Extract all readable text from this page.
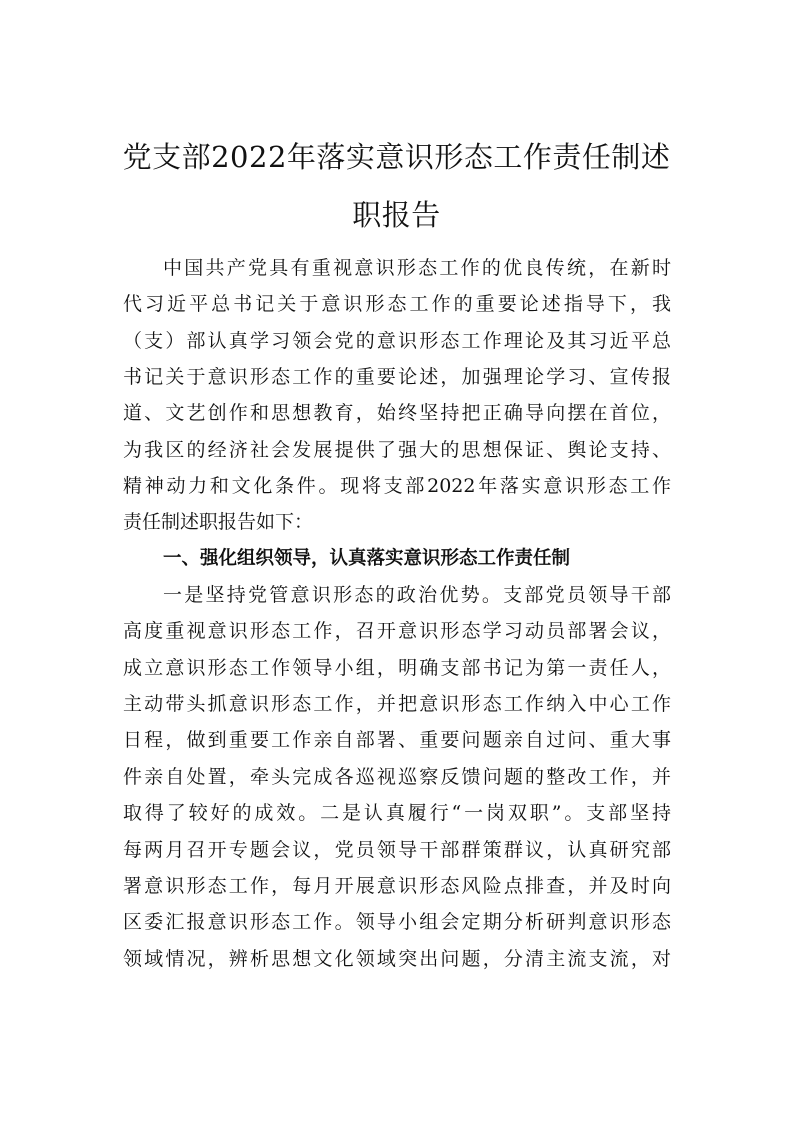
党支部2022年落实意识形态工作责任制述
职报告
中国共产党具有重视意识形态工作的优良传统，在新时
代习近平总书记关于意识形态工作的重要论述指导下，我
（支）部认真学习领会党的意识形态工作理论及其习近平总
书记关于意识形态工作的重要论述，加强理论学习、宣传报
道、文艺创作和思想教育，始终坚持把正确导向摆在首位，
为我区的经济社会发展提供了强大的思想保证、舆论支持、
精神动力和文化条件。现将支部2022年落实意识形态工作
责任制述职报告如下：
一、强化组织领导，认真落实意识形态工作责任制
一是坚持党管意识形态的政治优势。支部党员领导干部
高度重视意识形态工作，召开意识形态学习动员部署会议，
成立意识形态工作领导小组，明确支部书记为第一责任人，
主动带头抓意识形态工作，并把意识形态工作纳入中心工作
日程，做到重要工作亲自部署、重要问题亲自过问、重大事
件亲自处置，牵头完成各巡视巡察反馈问题的整改工作，并
取得了较好的成效。二是认真履行“一岗双职”。支部坚持
每两月召开专题会议，党员领导干部群策群议，认真研究部
署意识形态工作，每月开展意识形态风险点排查，并及时向
区委汇报意识形态工作。领导小组会定期分析研判意识形态
领域情况，辨析思想文化领域突出问题，分清主流支流，对
